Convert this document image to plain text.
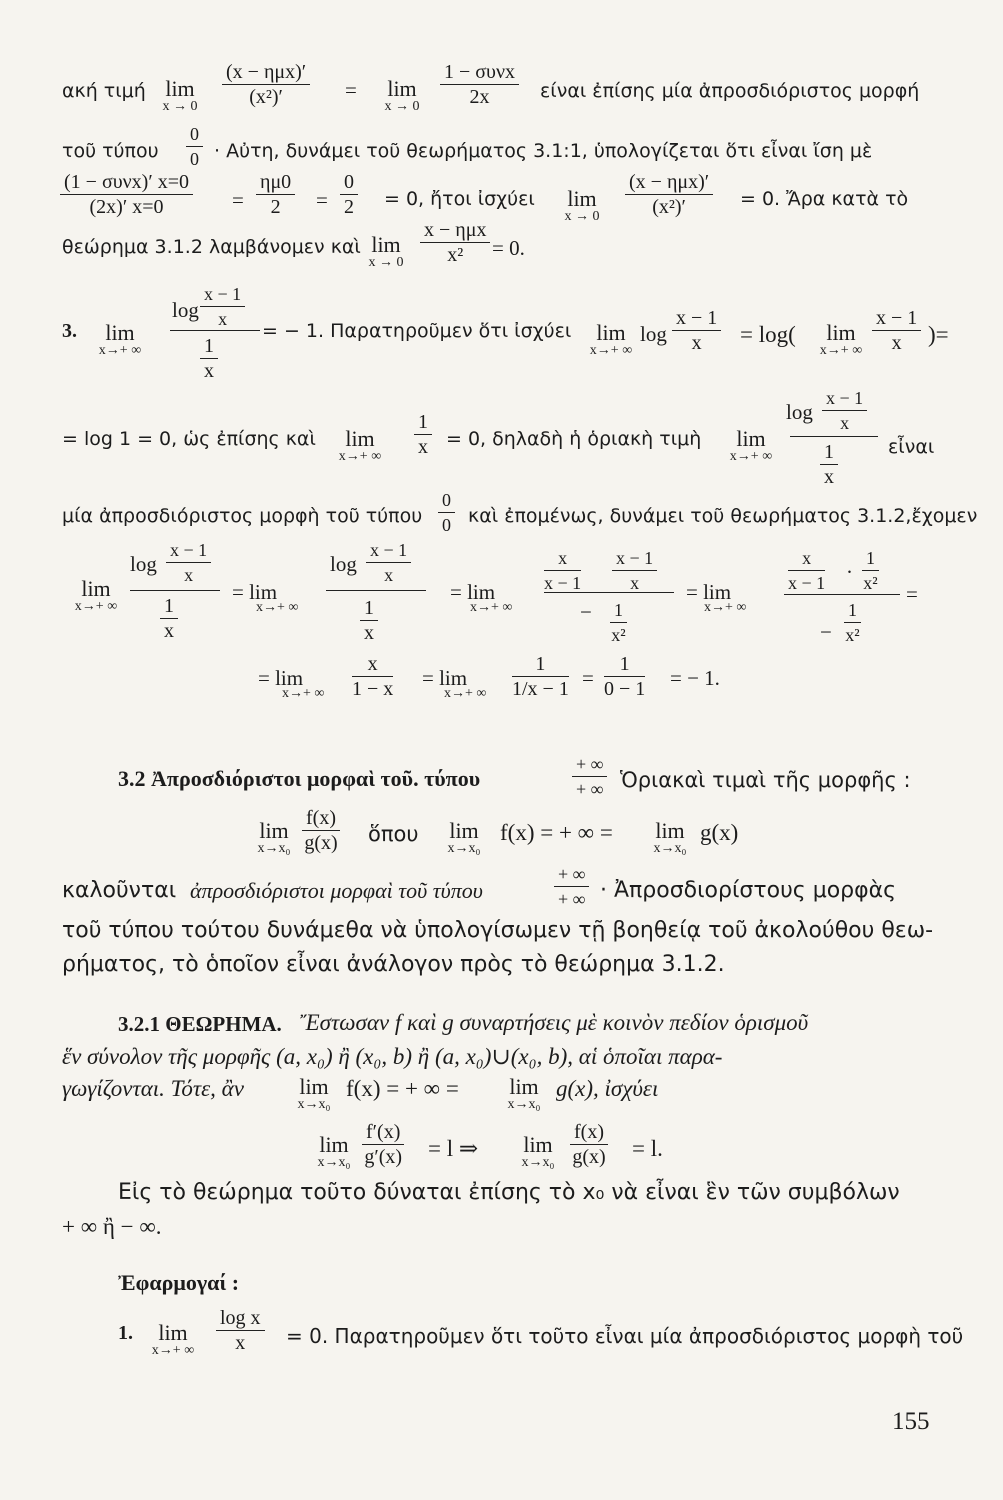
ακή τιμή lim
x → 0
(x − ημx)′
(x²)′	=	lim
x → 0
1 − συνx
2x	είναι ἐπίσης μία ἀπροσδιόριστος μορφή
τοῦ τύπου
0
0 · Αὐτη, δυνάμει τοῦ θεωρήματος 3.1:1, ὑπολογίζεται ὅτι εἶναι ἴση μὲ
(1 − συνx)′ x=0
(2x)′ x=0	=
ημ0
2	=
0
2 = 0, ἤτοι ἰσχύει	lim
x → 0
(x − ημx)′
(x²)′	= 0. Ἄρα κατὰ τὸ
θεώρημα 3.1.2 λαμβάνομεν καὶ lim
x → 0
x − ημx
x²	= 0.
3.	lim
x→+ ∞
log
x − 1
x
1
x
= − 1. Παρατηροῦμεν ὅτι ἰσχύει	lim
x→+ ∞
log
x − 1
x	= log(	lim
x→+ ∞
x − 1
x	)=
log
x − 1
x
1
x
= log 1 = 0, ὡς ἐπίσης καὶ	lim
x→+ ∞
1
x = 0, δηλαδὴ ἡ ὁριακὴ τιμὴ	lim
x→+ ∞	εἶναι
μία ἀπροσδιόριστος μορφὴ τοῦ τύπου
0
0 καὶ ἐπομένως, δυνάμει τοῦ θεωρήματος 3.1.2,ἔχομεν
lim
x→+ ∞
log
x − 1
x
1
x
= lim
x→+ ∞
log
x − 1
x
1
x
= lim
x→+ ∞
x
x − 1
x − 1
x
− 1
x²
= lim
x→+ ∞
x
x − 1 ·
1
x²
−
1
x²
=
= lim
x→+ ∞
x
1 − x = lim
x→+ ∞
1
1/x − 1 =
1
0 − 1 = − 1.
3.2 Ἀπροσδιόριστοι μορφαὶ τοῦ. τύπου
+ ∞
+ ∞ Ὁριακαὶ τιμαὶ τῆς μορφῆς :
lim
x→x₀
f(x)
g(x) ὅπου	lim
x→x₀
f(x) = + ∞ =	lim
x→x₀
g(x)
καλοῦνται ἀπροσδιόριστοι μορφαὶ τοῦ τύπου
+ ∞
+ ∞ · Ἀπροσδιορίστους μορφὰς
τοῦ τύπου τούτου δυνάμεθα νὰ ὑπολογίσωμεν τῇ βοηθείᾳ τοῦ ἀκολούθου θεω-
ρήματος, τὸ ὁποῖον εἶναι ἀνάλογον πρὸς τὸ θεώρημα 3.1.2.
3.2.1 ΘΕΩΡΗΜΑ. Ἔστωσαν f καὶ g συναρτήσεις μὲ κοινὸν πεδίον ὁρισμοῦ
ἕν σύνολον τῆς μορφῆς (a, x₀) ἢ (x₀, b) ἢ (a, x₀)∪(x₀, b), αἱ ὁποῖαι παρα-
γωγίζονται. Τότε, ἂν	lim
x→x₀
f(x) = + ∞ =	lim
x→x₀
g(x), ἰσχύει
lim
x→x₀
f′(x)
g′(x) = l ⇒	lim
x→x₀
f(x)
g(x) = l.
Εἰς τὸ θεώρημα τοῦτο δύναται ἐπίσης τὸ x₀ νὰ εἶναι ἓν τῶν συμβόλων
+ ∞ ἢ − ∞.
Ἐφαρμογαί :
1.	lim
x→+ ∞
log x
x	= 0. Παρατηροῦμεν ὅτι τοῦτο εἶναι μία ἀπροσδιόριστος μορφὴ τοῦ
155
